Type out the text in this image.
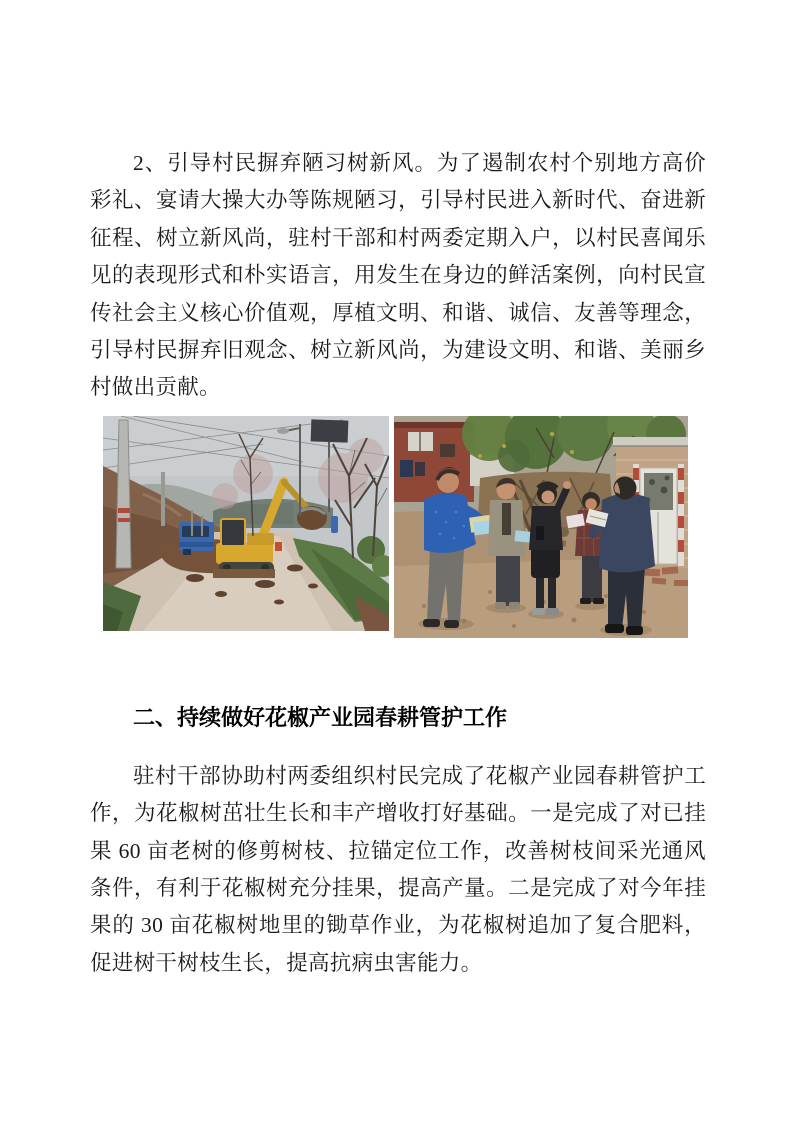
2、引导村民摒弃陋习树新风。为了遏制农村个别地方高价彩礼、宴请大操大办等陈规陋习，引导村民进入新时代、奋进新征程、树立新风尚，驻村干部和村两委定期入户，以村民喜闻乐见的表现形式和朴实语言，用发生在身边的鲜活案例，向村民宣传社会主义核心价值观，厚植文明、和谐、诚信、友善等理念，引导村民摒弃旧观念、树立新风尚，为建设文明、和谐、美丽乡村做出贡献。

二、持续做好花椒产业园春耕管护工作

驻村干部协助村两委组织村民完成了花椒产业园春耕管护工作，为花椒树茁壮生长和丰产增收打好基础。一是完成了对已挂果 60 亩老树的修剪树枝、拉锚定位工作，改善树枝间采光通风条件，有利于花椒树充分挂果，提高产量。二是完成了对今年挂果的 30 亩花椒树地里的锄草作业，为花椒树追加了复合肥料，促进树干树枝生长，提高抗病虫害能力。
